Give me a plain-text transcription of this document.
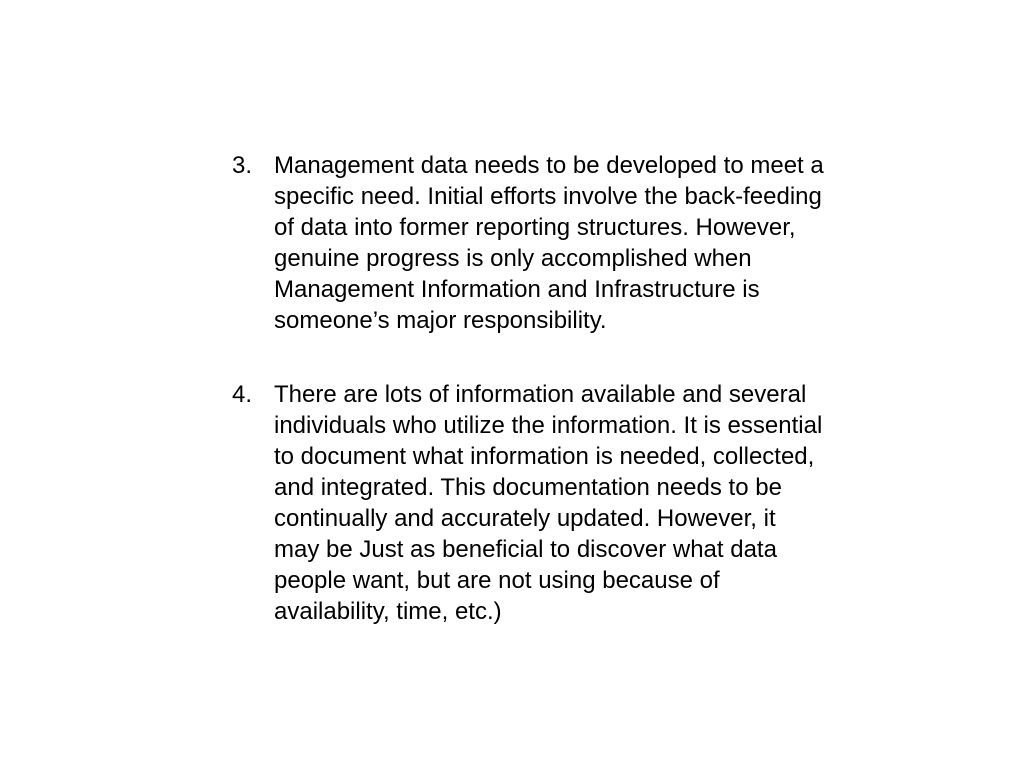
3. Management data needs to be developed to meet a
specific need. Initial efforts involve the back-feeding
of data into former reporting structures. However,
genuine progress is only accomplished when
Management Information and Infrastructure is
someone’s major responsibility.
4. There are lots of information available and several
individuals who utilize the information. It is essential
to document what information is needed, collected,
and integrated. This documentation needs to be
continually and accurately updated. However, it
may be Just as beneficial to discover what data
people want, but are not using because of
availability, time, etc.)
